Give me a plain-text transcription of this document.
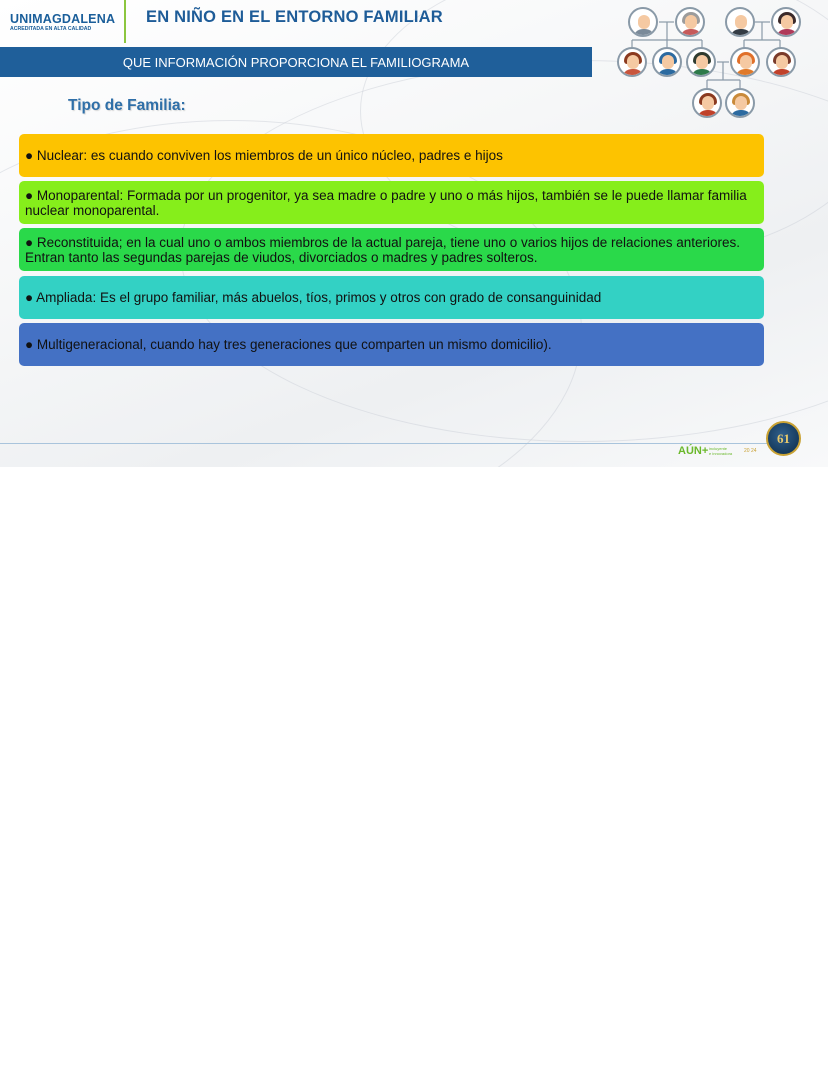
UNIMAGDALENA
ACREDITADA EN ALTA CALIDAD
EN NIÑO EN EL ENTORNO FAMILIAR
QUE INFORMACIÓN PROPORCIONA EL FAMILIOGRAMA
Tipo de Familia:
● Nuclear: es cuando conviven los miembros de un único núcleo, padres e hijos
● Monoparental: Formada por un progenitor, ya sea madre o padre y uno o más hijos, también se le puede llamar familia nuclear monoparental.
● Reconstituida; en la cual uno o ambos miembros de la actual pareja, tiene uno o varios hijos de relaciones anteriores. Entran tanto las segundas parejas de viudos, divorciados o madres y padres solteros.
● Ampliada: Es el grupo familiar, más abuelos, tíos, primos y otros con grado de consanguinidad
● Multigeneracional, cuando hay tres generaciones que comparten un mismo domicilio).
AÚN+ incluyente
e innovadora 20 24
61
